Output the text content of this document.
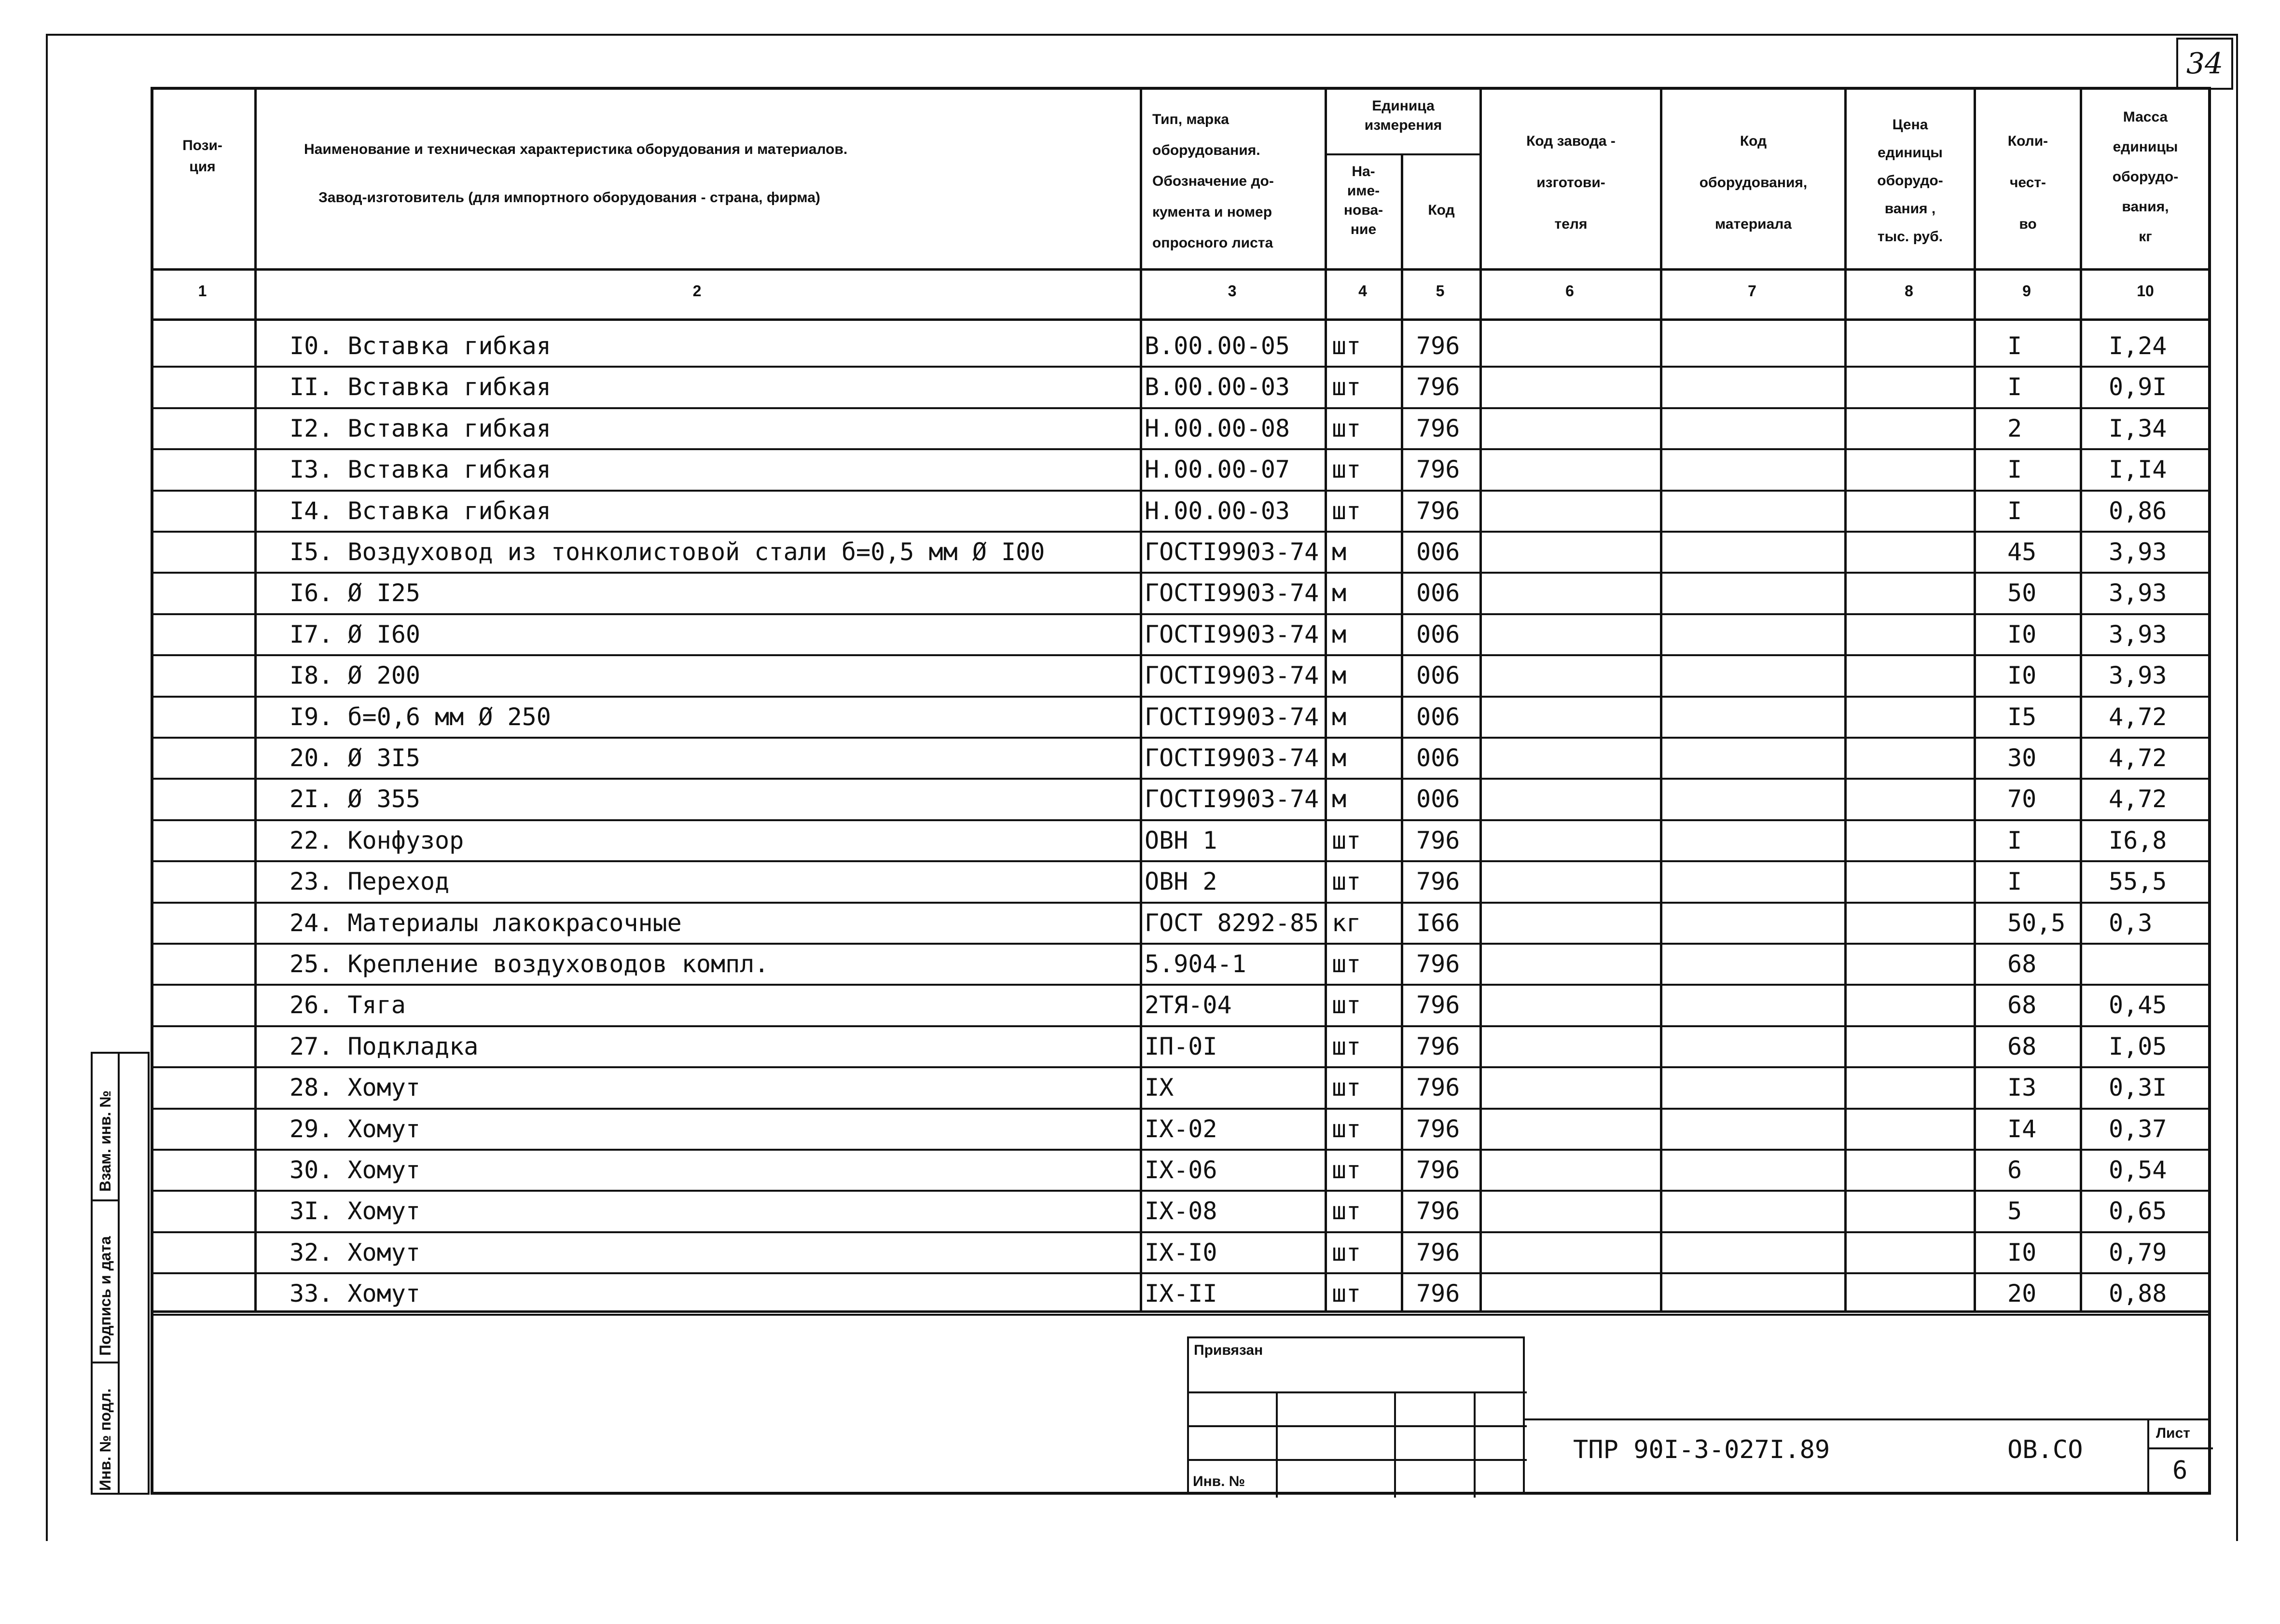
34
Взам. инв. №
Подпись и дата
Инв. № подл.
Пози-
ция
Наименование и техническая характеристика оборудования и материалов.
Завод-изготовитель (для импортного оборудования - страна, фирма)
Тип, марка
оборудования.
Обозначение до-
кумента и номер
опросного листа
Единица
измерения
На-
име-
нова-
ние
Код
Код завода -
изготови-
теля
Код
оборудования,
материала
Цена
единицы
оборудо-
вания ,
тыс. руб.
Коли-
чест-
во
Масса
единицы
оборудо-
вания,
кг
1	2	3	4	5	6	7	8	9	10
I0. Вставка гибкая	В.00.00-05 шт 796	I	I,24
II. Вставка гибкая	В.00.00-03 шт 796	I	0,9I
I2. Вставка гибкая	Н.00.00-08 шт 796	2	I,34
I3. Вставка гибкая	Н.00.00-07 шт 796	I	I,I4
I4. Вставка гибкая	Н.00.00-03 шт 796	I	0,86
I5. Воздуховод из тонколистовой стали б=0,5 мм Ø I00	ГОСТI9903-74 м	006	45	3,93
I6. Ø I25	ГОСТI9903-74 м	006	50	3,93
I7. Ø I60	ГОСТI9903-74 м	006	I0	3,93
I8. Ø 200	ГОСТI9903-74 м	006	I0	3,93
I9. б=0,6 мм Ø 250	ГОСТI9903-74 м	006	I5	4,72
20. Ø 3I5	ГОСТI9903-74 м	006	30	4,72
2I. Ø 355	ГОСТI9903-74 м	006	70	4,72
22. Конфузор	ОВН 1	шт 796	I	I6,8
23. Переход	ОВН 2	шт 796	I	55,5
24. Материалы лакокрасочные	ГОСТ 8292-85 кг I66	50,5 0,3
25. Крепление воздуховодов компл.	5.904-1	шт 796	68
26. Тяга	2ТЯ-04	шт 796	68	0,45
27. Подкладка	IП-0I	шт 796	68	I,05
28. Хомут	IХ	шт 796	I3	0,3I
29. Хомут	IХ-02	шт 796	I4	0,37
30. Хомут	IХ-06	шт 796	6	0,54
3I. Хомут	IХ-08	шт 796	5	0,65
32. Хомут	IХ-I0	шт 796	I0	0,79
33. Хомут	IХ-II	шт 796	20	0,88
Привязан
Инв. №
ТПР 90I-3-027I.89	ОВ.СО
Лист
6
